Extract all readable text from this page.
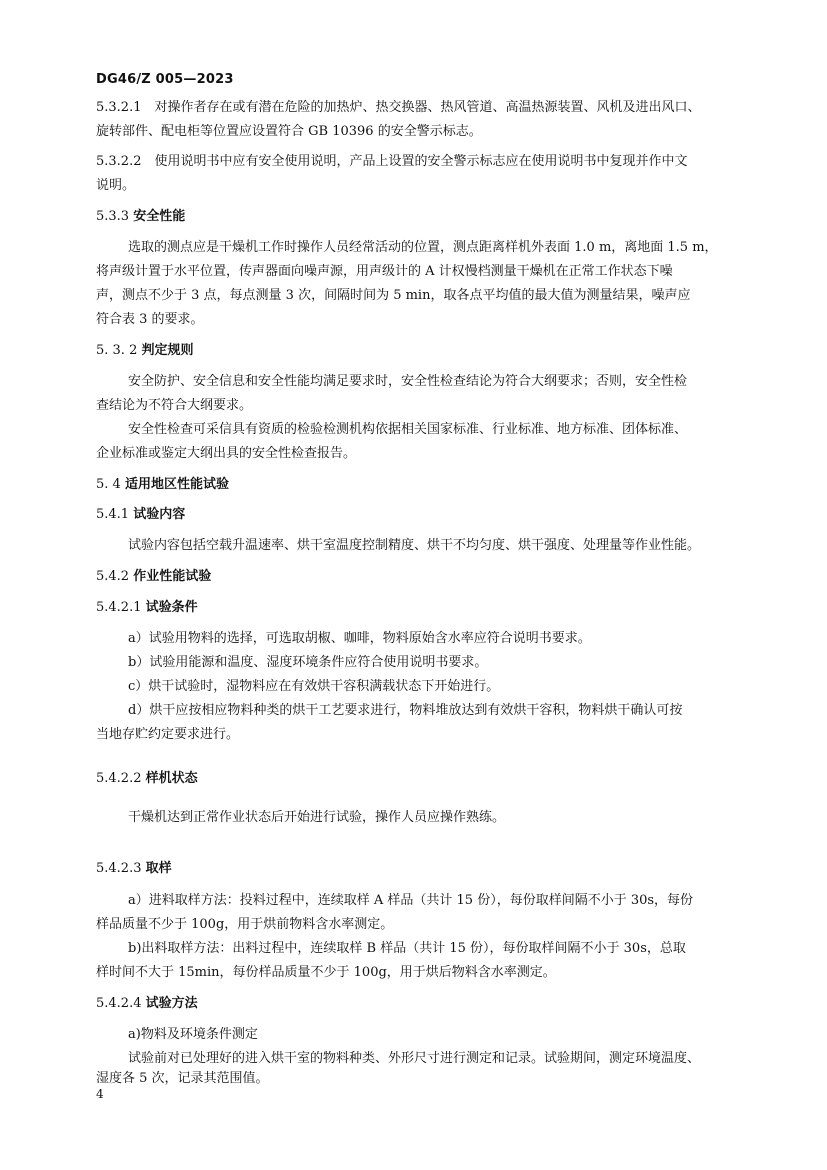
DG46/Z 005—2023
5.3.2.1　对操作者存在或有潜在危险的加热炉、热交换器、热风管道、高温热源装置、风机及进出风口、
旋转部件、配电柜等位置应设置符合 GB 10396 的安全警示标志。
5.3.2.2　使用说明书中应有安全使用说明，产品上设置的安全警示标志应在使用说明书中复现并作中文
说明。
5.3.3 安全性能
选取的测点应是干燥机工作时操作人员经常活动的位置，测点距离样机外表面 1.0 m，离地面 1.5 m，
将声级计置于水平位置，传声器面向噪声源，用声级计的 A 计权慢档测量干燥机在正常工作状态下噪
声，测点不少于 3 点，每点测量 3 次，间隔时间为 5 min，取各点平均值的最大值为测量结果，噪声应
符合表 3 的要求。
5. 3. 2 判定规则
安全防护、安全信息和安全性能均满足要求时，安全性检查结论为符合大纲要求；否则，安全性检
查结论为不符合大纲要求。
安全性检查可采信具有资质的检验检测机构依据相关国家标准、行业标准、地方标准、团体标准、
企业标准或鉴定大纲出具的安全性检查报告。
5. 4 适用地区性能试验
5.4.1 试验内容
试验内容包括空载升温速率、烘干室温度控制精度、烘干不均匀度、烘干强度、处理量等作业性能。
5.4.2 作业性能试验
5.4.2.1 试验条件
a）试验用物料的选择，可选取胡椒、咖啡，物料原始含水率应符合说明书要求。
b）试验用能源和温度、湿度环境条件应符合使用说明书要求。
c）烘干试验时，湿物料应在有效烘干容积满载状态下开始进行。
d）烘干应按相应物料种类的烘干工艺要求进行，物料堆放达到有效烘干容积，物料烘干确认可按
当地存贮约定要求进行。
5.4.2.2 样机状态
干燥机达到正常作业状态后开始进行试验，操作人员应操作熟练。
5.4.2.3 取样
a）进料取样方法：投料过程中，连续取样 A 样品（共计 15 份），每份取样间隔不小于 30s，每份
样品质量不少于 100g，用于烘前物料含水率测定。
b)出料取样方法：出料过程中，连续取样 B 样品（共计 15 份），每份取样间隔不小于 30s，总取
样时间不大于 15min，每份样品质量不少于 100g，用于烘后物料含水率测定。
5.4.2.4 试验方法
a)物料及环境条件测定
试验前对已处理好的进入烘干室的物料种类、外形尺寸进行测定和记录。试验期间，测定环境温度、
湿度各 5 次，记录其范围值。
4
